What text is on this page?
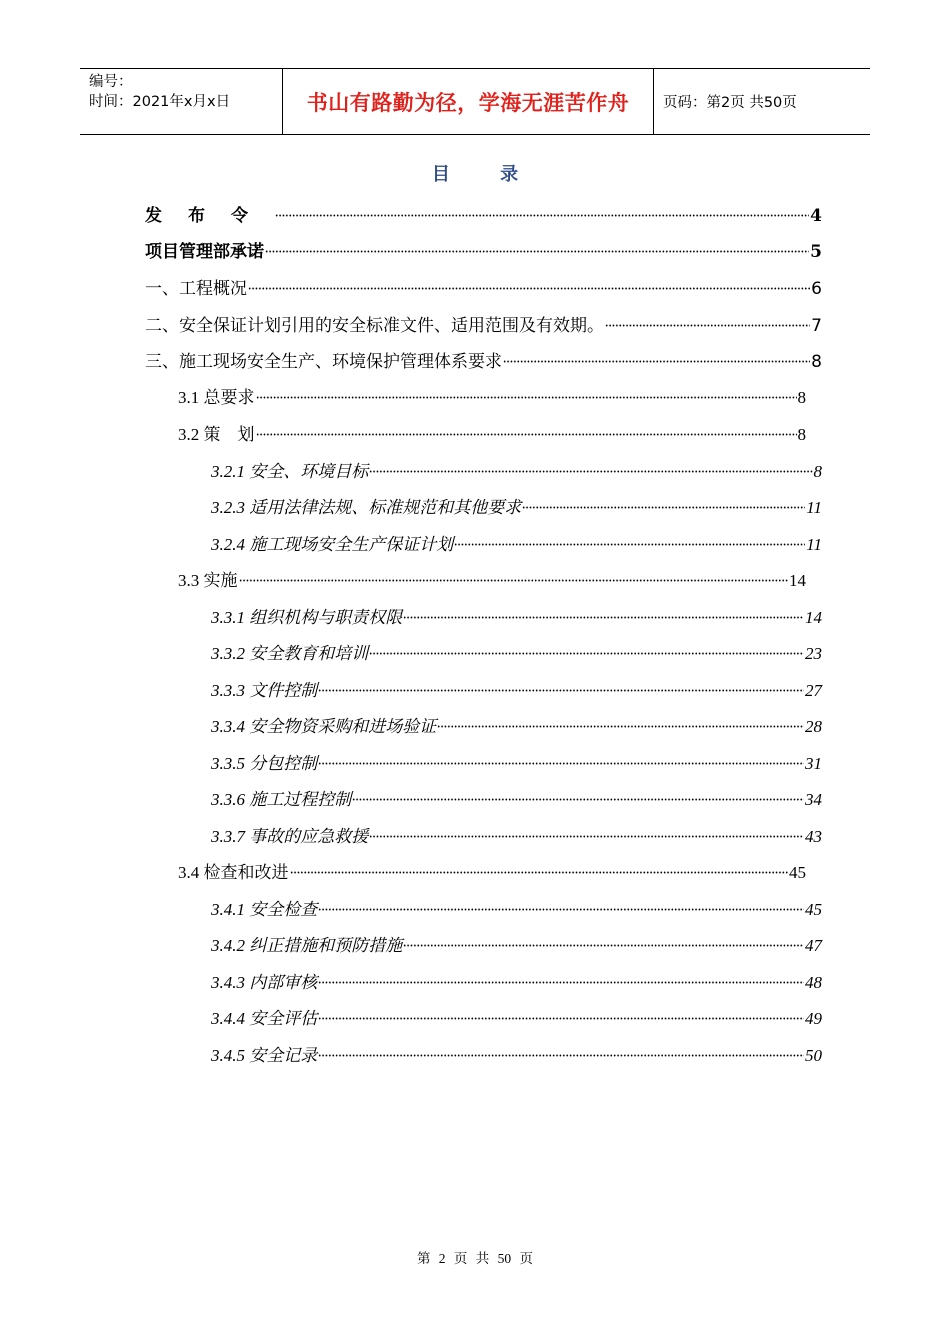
编号：
时间：2021年x月x日	书山有路勤为径，学海无涯苦作舟	页码：第2页 共50页
目 录
发布令	4
项目管理部承诺	5
一、工程概况	6
二、安全保证计划引用的安全标准文件、适用范围及有效期。	7
三、施工现场安全生产、环境保护管理体系要求	8
3.1 总要求	8
3.2 策　划	8
3.2.1 安全、环境目标	8
3.2.3 适用法律法规、标准规范和其他要求	11
3.2.4 施工现场安全生产保证计划	11
3.3 实施	14
3.3.1 组织机构与职责权限	14
3.3.2 安全教育和培训	23
3.3.3 文件控制	27
3.3.4 安全物资采购和进场验证	28
3.3.5 分包控制	31
3.3.6 施工过程控制	34
3.3.7 事故的应急救援	43
3.4 检查和改进	45
3.4.1 安全检查	45
3.4.2 纠正措施和预防措施	47
3.4.3 内部审核	48
3.4.4 安全评估	49
3.4.5 安全记录	50
第 2 页 共 50 页
